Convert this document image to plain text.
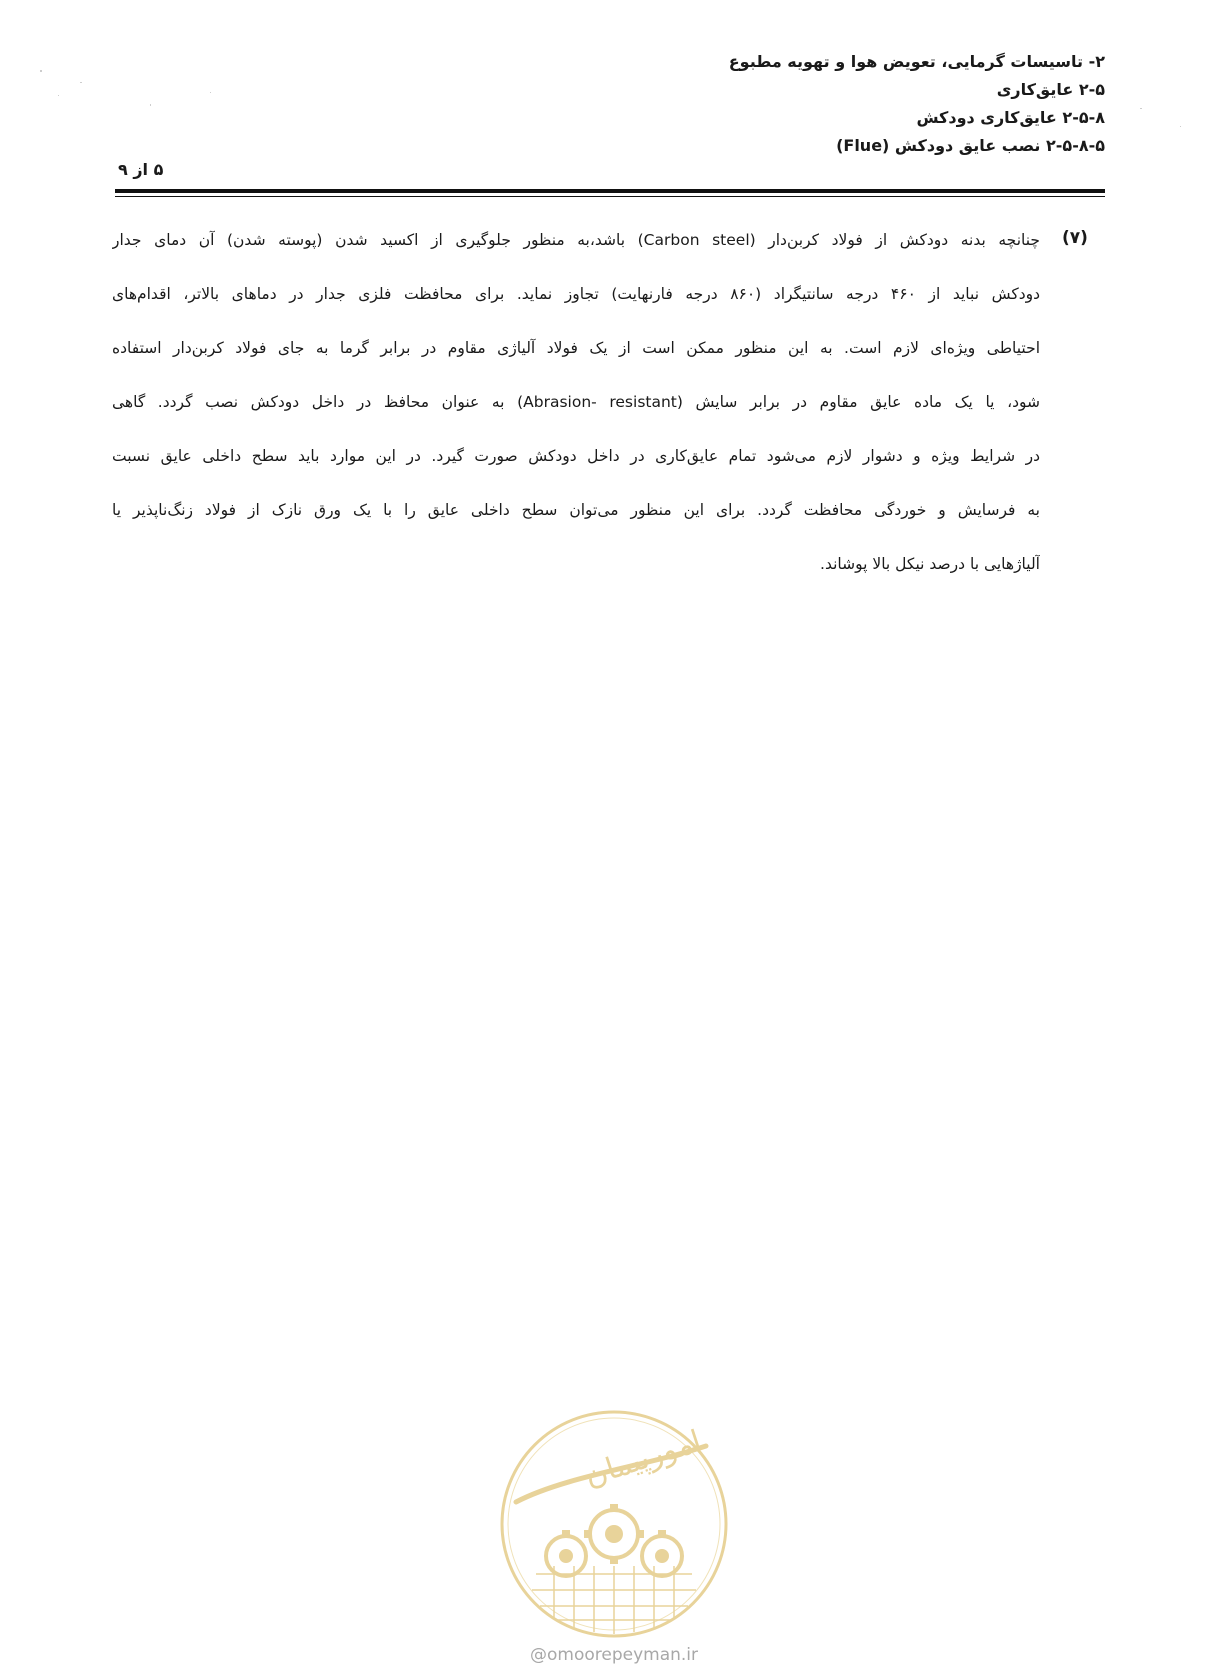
۲- تاسیسات گرمایی، تعویض هوا و تهویه مطبوع
۲-۵ عایق‌کاری
۲-۵-۸ عایق‌کاری دودکش
۲-۵-۸-۵ نصب عایق دودکش (Flue)
۵ از ۹
(۷)
چنانچه بدنه دودکش از فولاد کربن‌دار (Carbon steel) باشد،به منظور جلوگیری از اکسید شدن (پوسته شدن) آن دمای جدار
دودکش نباید از ۴۶۰ درجه سانتیگراد (۸۶۰ درجه فارنهایت) تجاوز نماید. برای محافظت فلزی جدار در دماهای بالاتر، اقدام‌های
احتیاطی ویژه‌ای لازم است. به این منظور ممکن است از یک فولاد آلیاژی مقاوم در برابر گرما به جای فولاد کربن‌دار استفاده
شود، یا یک ماده عایق مقاوم در برابر سایش (Abrasion- resistant) به عنوان محافظ در داخل دودکش نصب گردد. گاهی
در شرایط ویژه و دشوار لازم می‌شود تمام عایق‌کاری در داخل دودکش صورت گیرد. در این موارد باید سطح داخلی عایق نسبت
به فرسایش و خوردگی محافظت گردد. برای این منظور می‌توان سطح داخلی عایق را با یک ورق نازک از فولاد زنگ‌ناپذیر یا
آلیاژهایی با درصد نیکل بالا پوشاند.
امورپیمان
@omoorepeyman.ir
